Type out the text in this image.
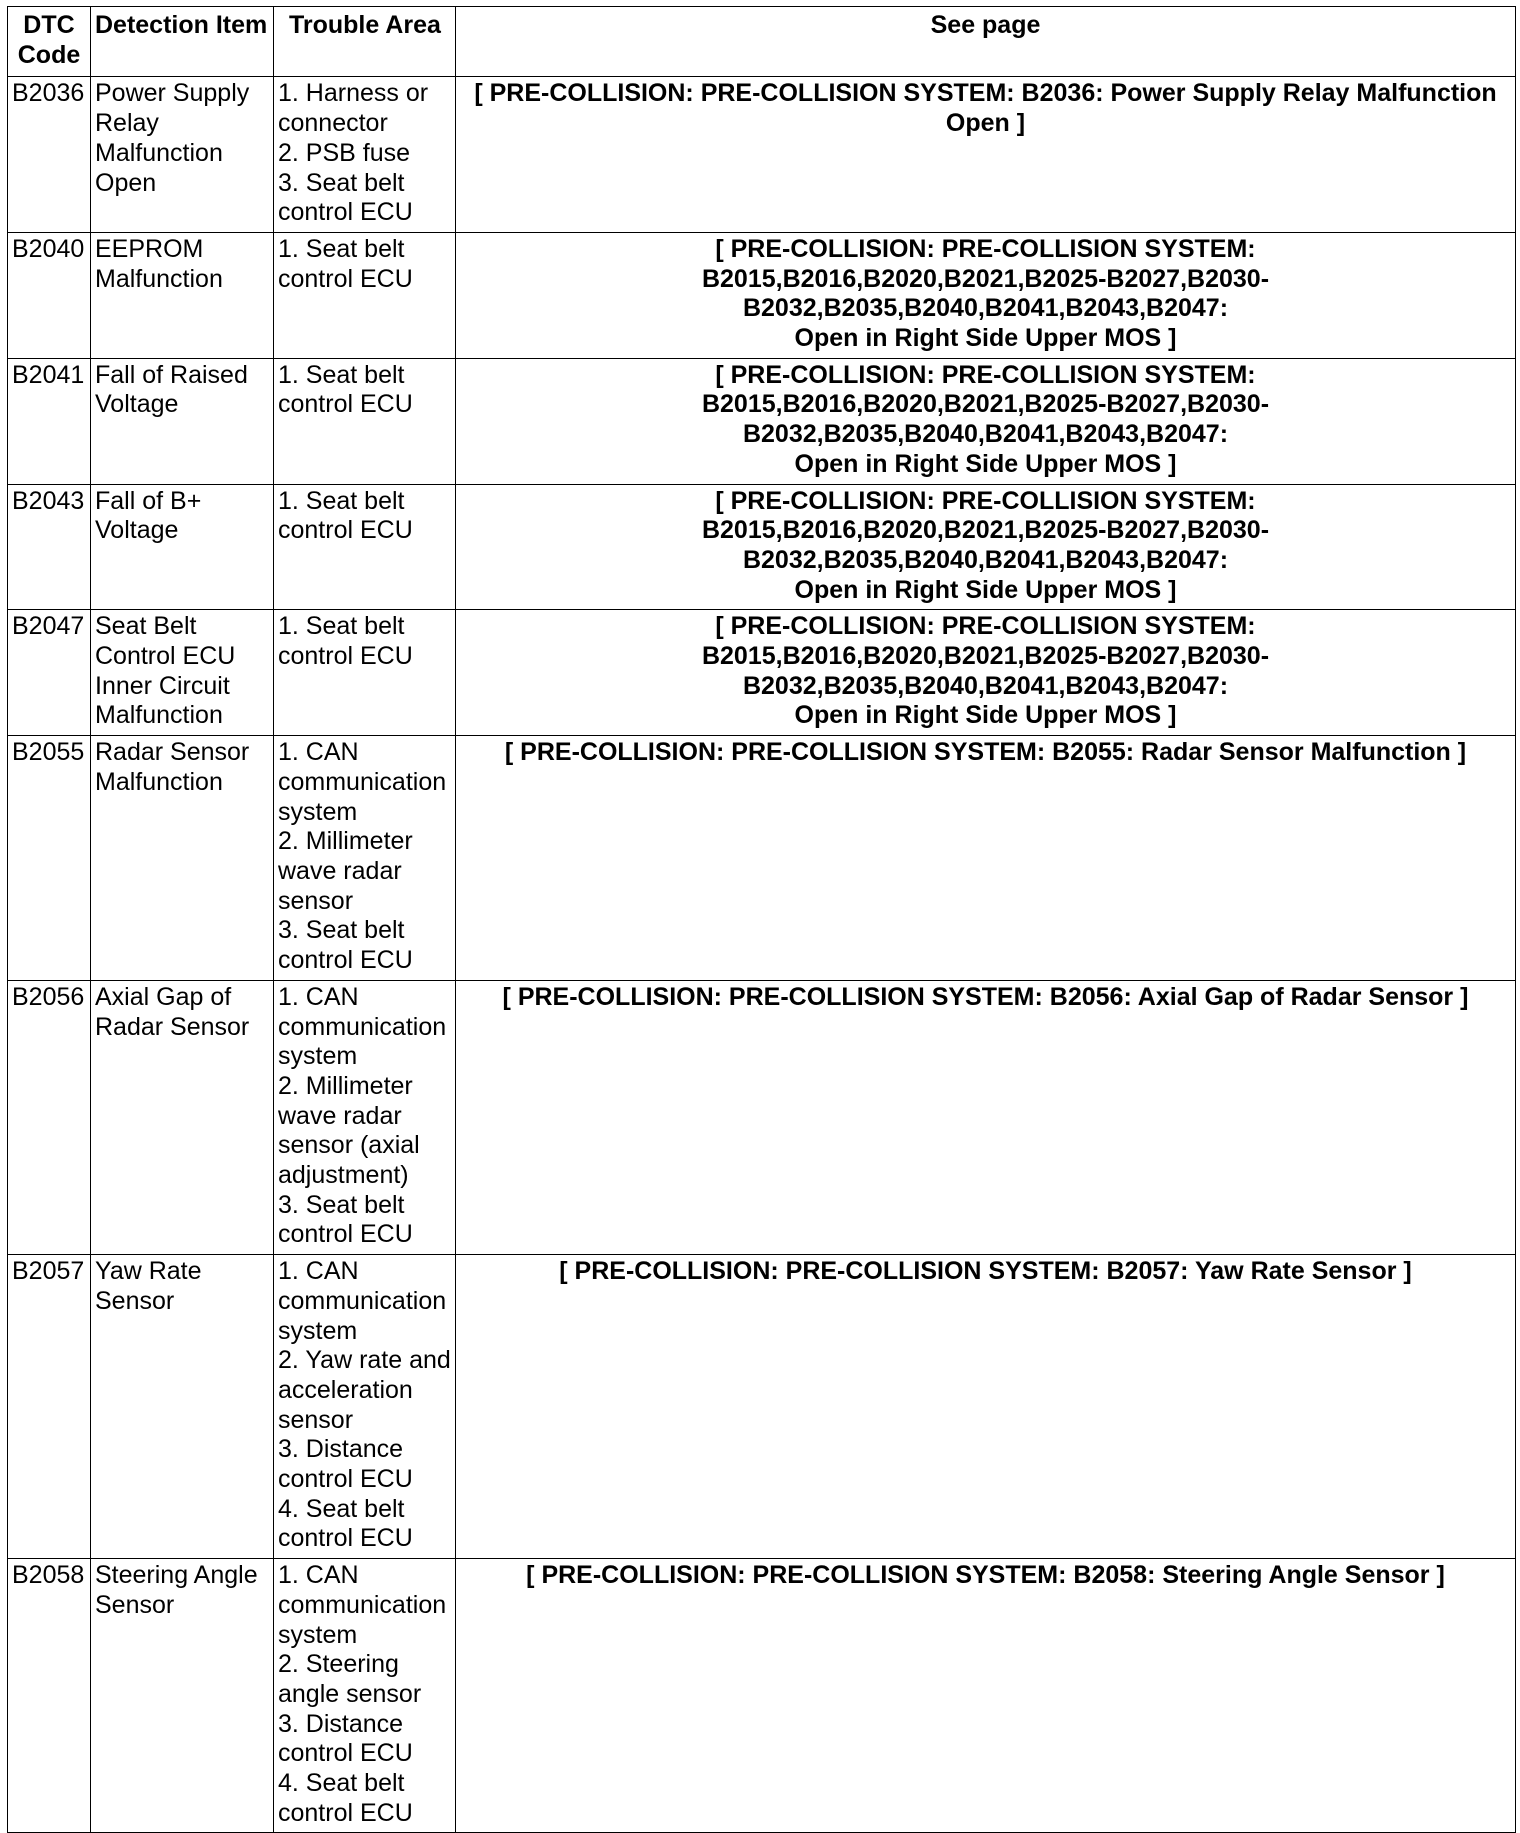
DTC
Code	Detection Item	Trouble Area	See page

B2036	Power Supply Relay Malfunction Open	1. Harness or connector
2. PSB fuse
3. Seat belt control ECU	[ PRE-COLLISION: PRE-COLLISION SYSTEM: B2036: Power Supply Relay Malfunction Open ]

B2040	EEPROM Malfunction	1. Seat belt control ECU	[ PRE-COLLISION: PRE-COLLISION SYSTEM:
B2015,B2016,B2020,B2021,B2025-B2027,B2030-B2032,B2035,B2040,B2041,B2043,B2047:
Open in Right Side Upper MOS ]

B2041	Fall of Raised Voltage	1. Seat belt control ECU	[ PRE-COLLISION: PRE-COLLISION SYSTEM:
B2015,B2016,B2020,B2021,B2025-B2027,B2030-B2032,B2035,B2040,B2041,B2043,B2047:
Open in Right Side Upper MOS ]

B2043	Fall of B+ Voltage	1. Seat belt control ECU	[ PRE-COLLISION: PRE-COLLISION SYSTEM:
B2015,B2016,B2020,B2021,B2025-B2027,B2030-B2032,B2035,B2040,B2041,B2043,B2047:
Open in Right Side Upper MOS ]

B2047	Seat Belt Control ECU Inner Circuit Malfunction	1. Seat belt control ECU	[ PRE-COLLISION: PRE-COLLISION SYSTEM:
B2015,B2016,B2020,B2021,B2025-B2027,B2030-B2032,B2035,B2040,B2041,B2043,B2047:
Open in Right Side Upper MOS ]

B2055	Radar Sensor Malfunction	1. CAN communication system
2. Millimeter wave radar sensor
3. Seat belt control ECU	[ PRE-COLLISION: PRE-COLLISION SYSTEM: B2055: Radar Sensor Malfunction ]

B2056	Axial Gap of Radar Sensor	1. CAN communication system
2. Millimeter wave radar sensor (axial adjustment)
3. Seat belt control ECU	[ PRE-COLLISION: PRE-COLLISION SYSTEM: B2056: Axial Gap of Radar Sensor ]

B2057	Yaw Rate Sensor	1. CAN communication system
2. Yaw rate and acceleration sensor
3. Distance control ECU
4. Seat belt control ECU	[ PRE-COLLISION: PRE-COLLISION SYSTEM: B2057: Yaw Rate Sensor ]

B2058	Steering Angle Sensor	1. CAN communication system
2. Steering angle sensor
3. Distance control ECU
4. Seat belt control ECU	[ PRE-COLLISION: PRE-COLLISION SYSTEM: B2058: Steering Angle Sensor ]
